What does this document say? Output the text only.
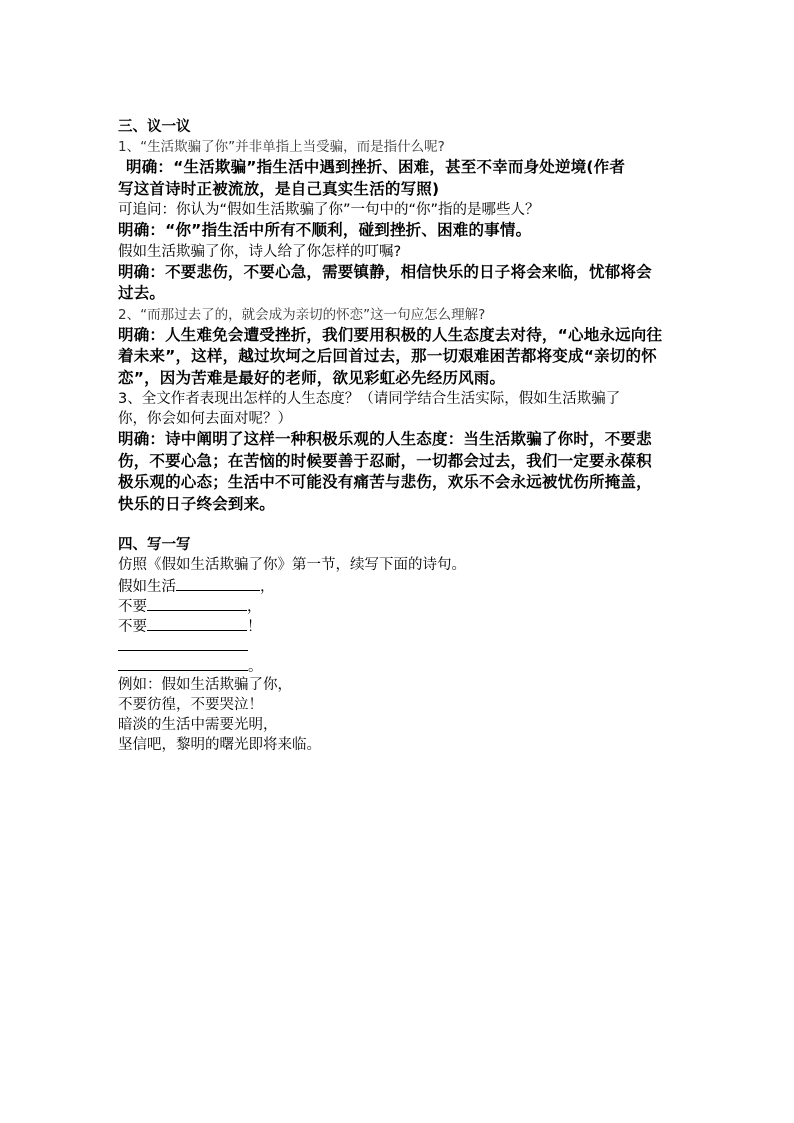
三、议一议
1、“生活欺骗了你”并非单指上当受骗，而是指什么呢?
明确：“生活欺骗”指生活中遇到挫折、困难，甚至不幸而身处逆境(作者
写这首诗时正被流放，是自己真实生活的写照)
可追问：你认为“假如生活欺骗了你”一句中的“你”指的是哪些人？
明确：“你”指生活中所有不顺利，碰到挫折、困难的事情。
假如生活欺骗了你，诗人给了你怎样的叮嘱?
明确：不要悲伤，不要心急，需要镇静，相信快乐的日子将会来临，忧郁将会
过去。
2、“而那过去了的，就会成为亲切的怀恋”这一句应怎么理解?
明确：人生难免会遭受挫折，我们要用积极的人生态度去对待，“心地永远向往
着未来”，这样，越过坎坷之后回首过去，那一切艰难困苦都将变成“亲切的怀
恋”，因为苦难是最好的老师，欲见彩虹必先经历风雨。
3、全文作者表现出怎样的人生态度？（请同学结合生活实际，假如生活欺骗了
你，你会如何去面对呢？）
明确：诗中阐明了这样一种积极乐观的人生态度：当生活欺骗了你时，不要悲
伤，不要心急；在苦恼的时候要善于忍耐，一切都会过去，我们一定要永葆积
极乐观的心态；生活中不可能没有痛苦与悲伤，欢乐不会永远被忧伤所掩盖，
快乐的日子终会到来。
四、写一写
仿照《假如生活欺骗了你》第一节，续写下面的诗句。
假如生活	，
不要	，
不要	！
。
例如：假如生活欺骗了你，
不要彷徨，不要哭泣！
暗淡的生活中需要光明，
坚信吧，黎明的曙光即将来临。
